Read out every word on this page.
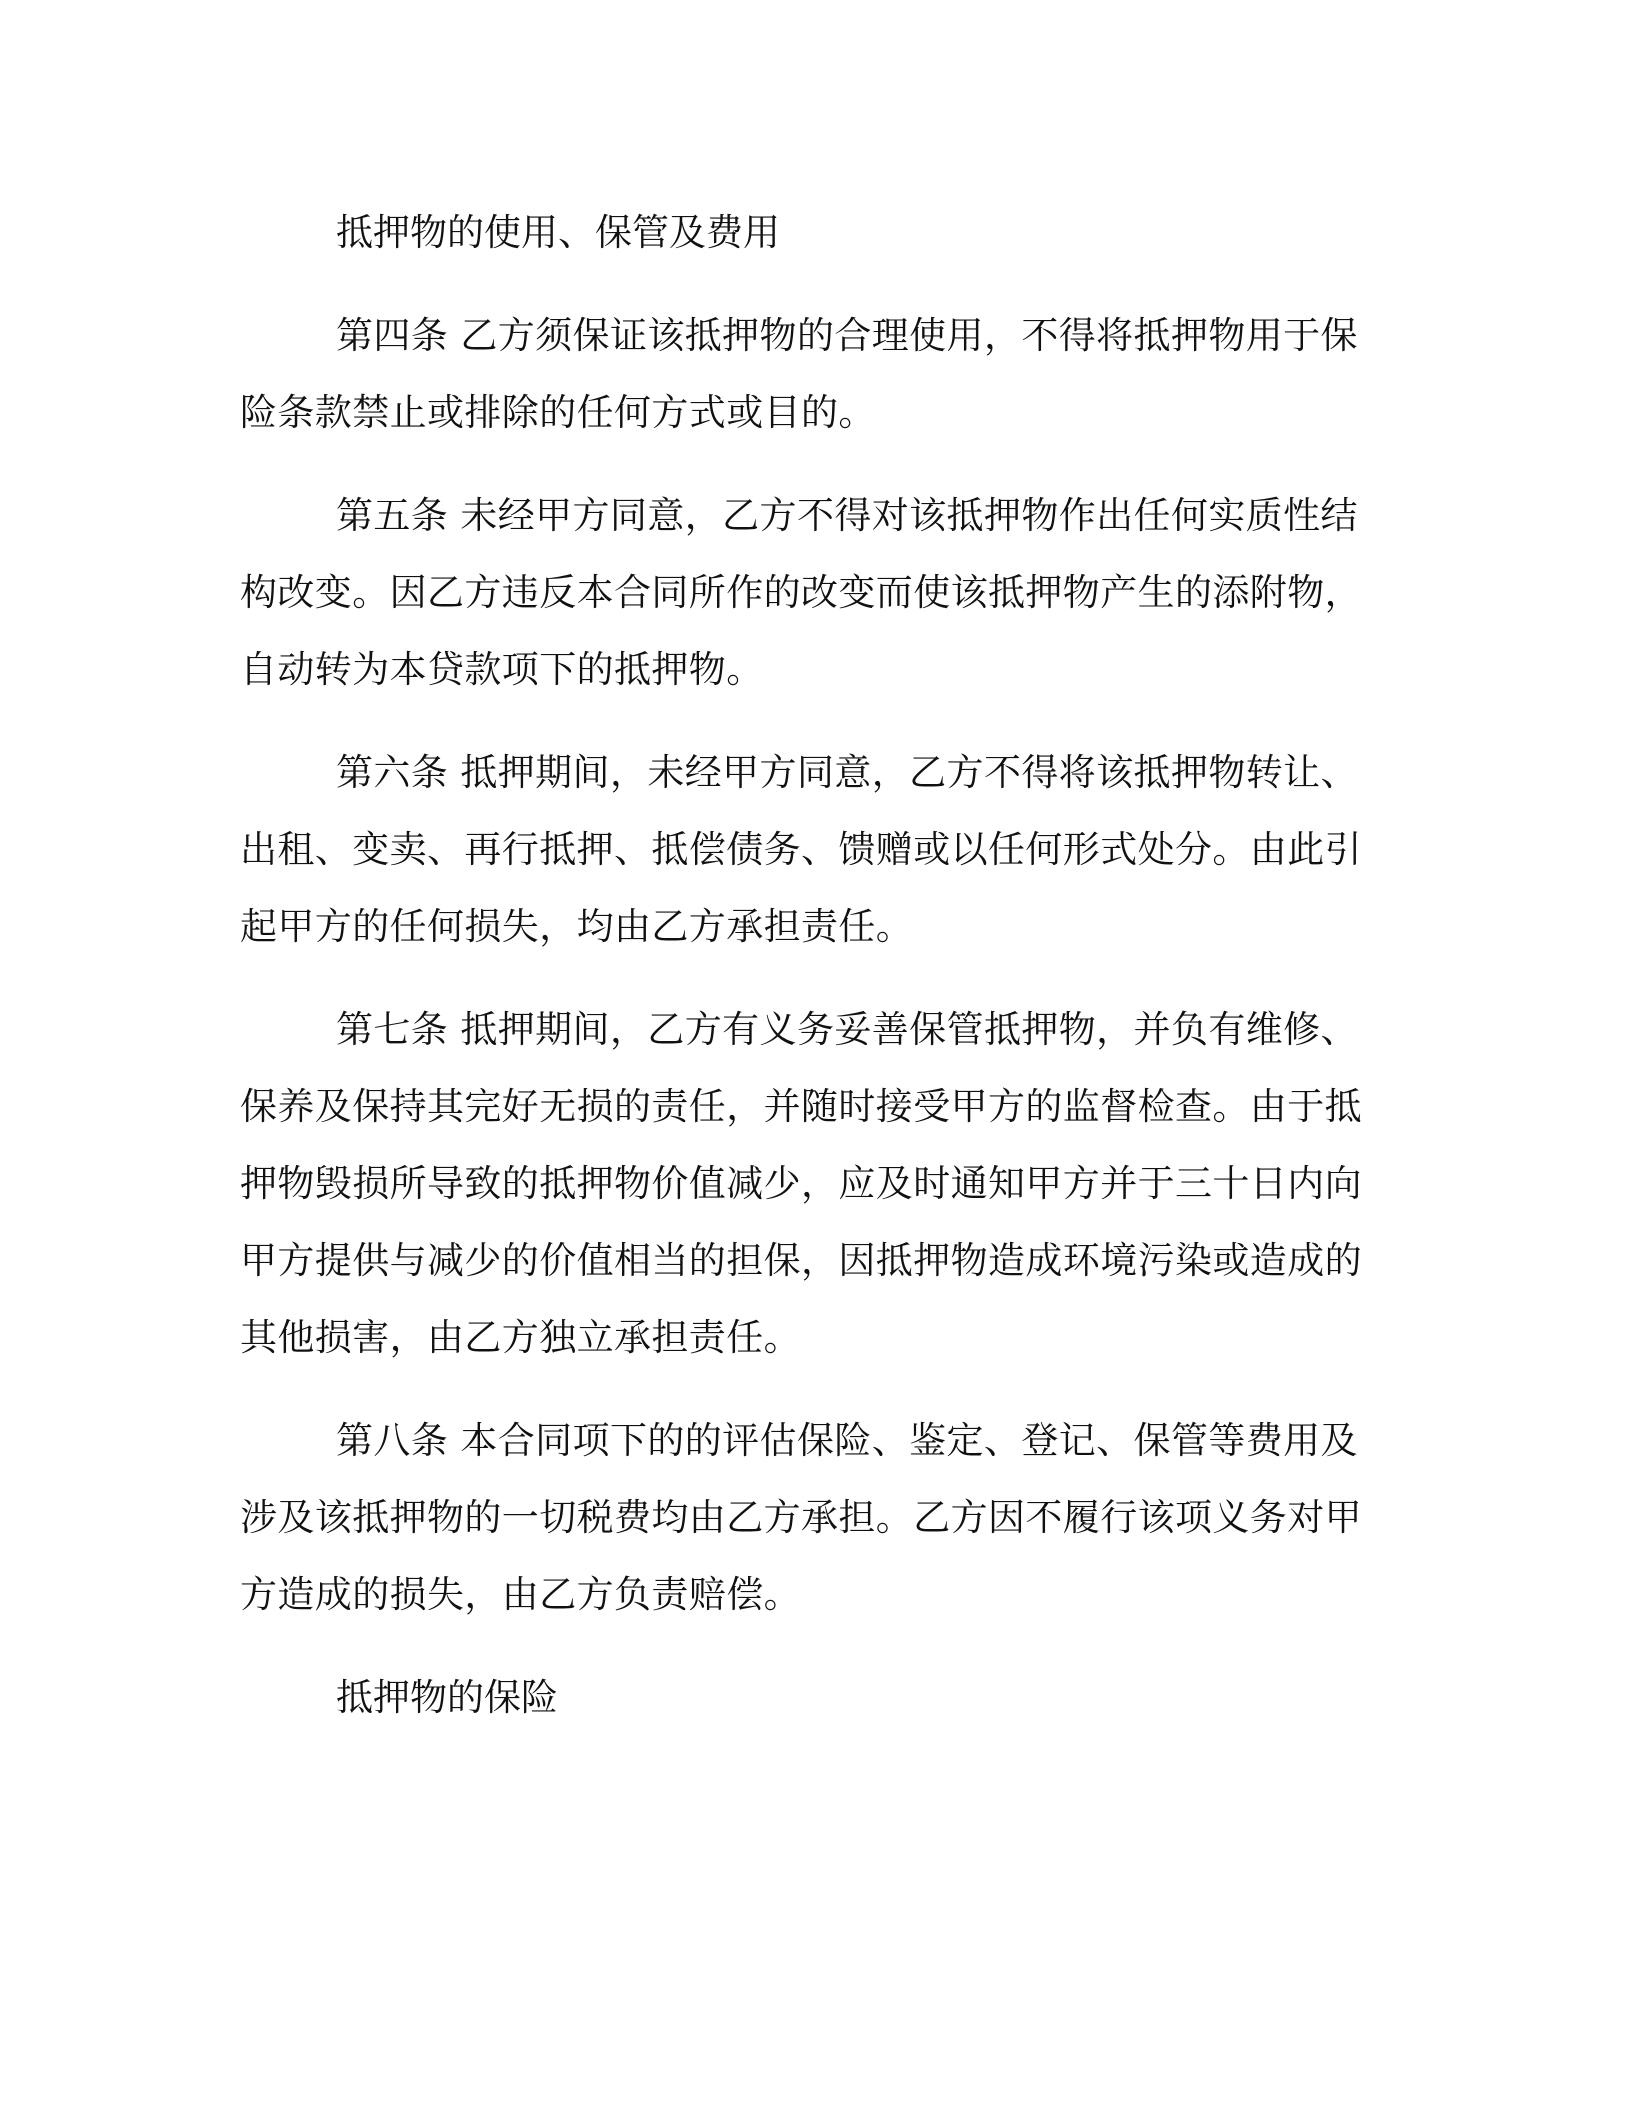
抵押物的使用、保管及费用

第四条 乙方须保证该抵押物的合理使用，不得将抵押物用于保险条款禁止或排除的任何方式或目的。

第五条 未经甲方同意，乙方不得对该抵押物作出任何实质性结构改变。因乙方违反本合同所作的改变而使该抵押物产生的添附物，自动转为本贷款项下的抵押物。

第六条 抵押期间，未经甲方同意，乙方不得将该抵押物转让、出租、变卖、再行抵押、抵偿债务、馈赠或以任何形式处分。由此引起甲方的任何损失，均由乙方承担责任。

第七条 抵押期间，乙方有义务妥善保管抵押物，并负有维修、保养及保持其完好无损的责任，并随时接受甲方的监督检查。由于抵押物毁损所导致的抵押物价值减少，应及时通知甲方并于三十日内向甲方提供与减少的价值相当的担保，因抵押物造成环境污染或造成的其他损害，由乙方独立承担责任。

第八条 本合同项下的的评估保险、鉴定、登记、保管等费用及涉及该抵押物的一切税费均由乙方承担。乙方因不履行该项义务对甲方造成的损失，由乙方负责赔偿。

抵押物的保险
